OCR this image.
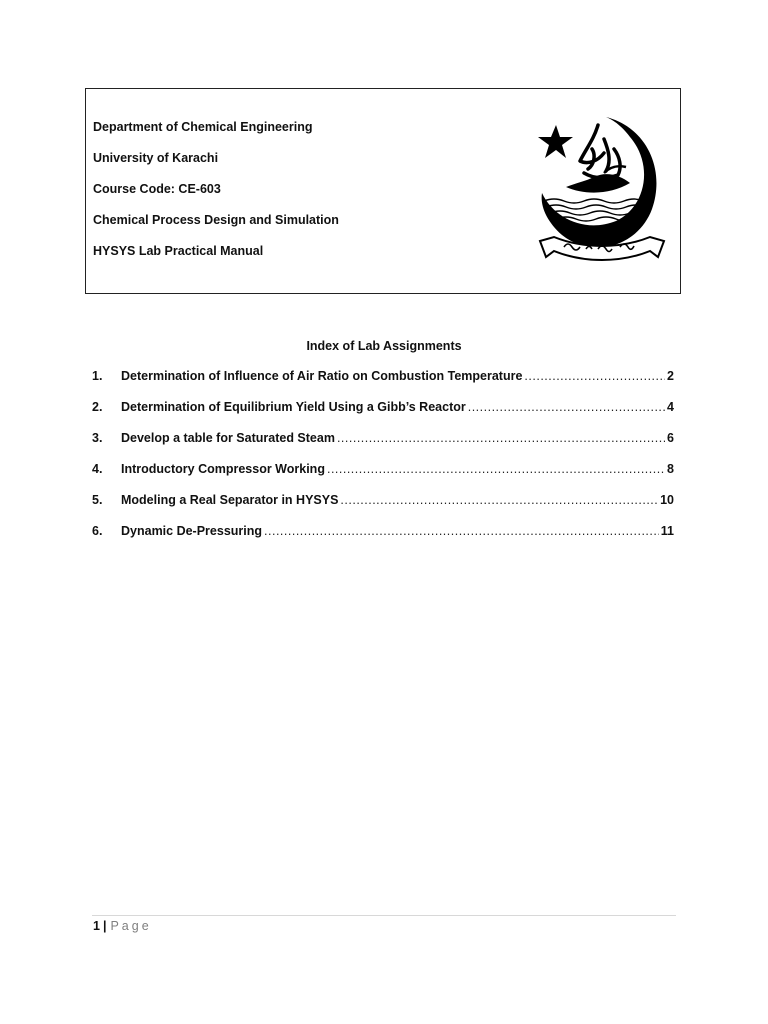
Department of Chemical Engineering
University of Karachi
Course Code: CE-603
Chemical Process Design and Simulation
HYSYS Lab Practical Manual
Index of Lab Assignments
1.	Determination of Influence of Air Ratio on Combustion Temperature .....	2
2.	Determination of Equilibrium Yield Using a Gibb’s Reactor .....	4
3.	Develop a table for Saturated Steam .....	6
4.	Introductory Compressor Working .....	8
5.	Modeling a Real Separator in HYSYS .....	10
6.	Dynamic De-Pressuring .....	11
1 | Page
